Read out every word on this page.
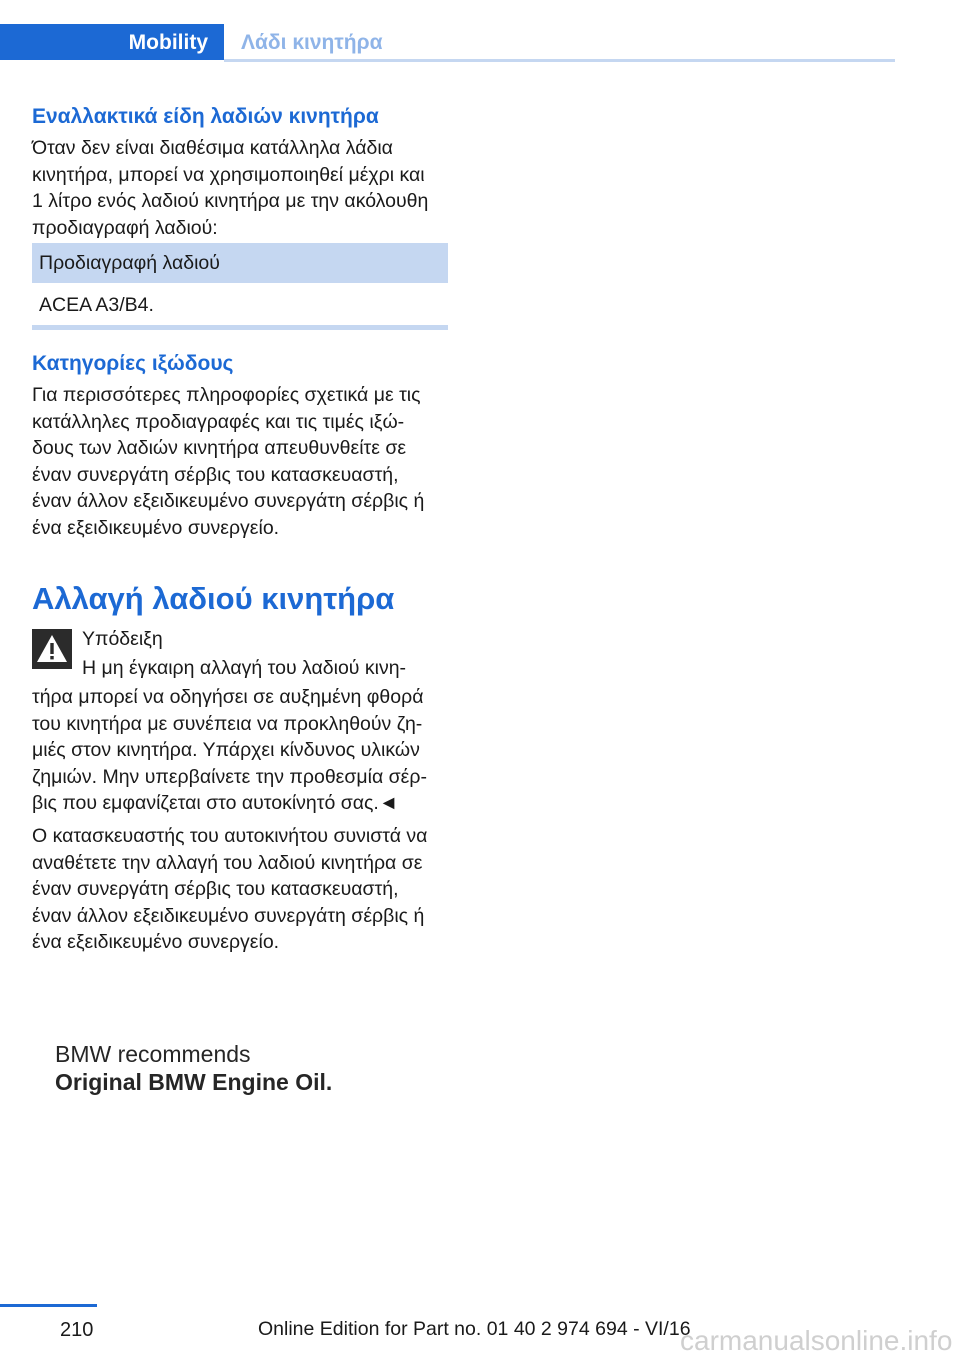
Mobility	Λάδι κινητήρα
Εναλλακτικά είδη λαδιών κινητήρα
Όταν δεν είναι διαθέσιμα κατάλληλα λάδια
κινητήρα, μπορεί να χρησιμοποιηθεί μέχρι και
1 λίτρο ενός λαδιού κινητήρα με την ακόλουθη
προδιαγραφή λαδιού:
Προδιαγραφή λαδιού
ACEA A3/B4.
Κατηγορίες ιξώδους
Για περισσότερες πληροφορίες σχετικά με τις
κατάλληλες προδιαγραφές και τις τιμές ιξώ-
δους των λαδιών κινητήρα απευθυνθείτε σε
έναν συνεργάτη σέρβις του κατασκευαστή,
έναν άλλον εξειδικευμένο συνεργάτη σέρβις ή
ένα εξειδικευμένο συνεργείο.
Αλλαγή λαδιού κινητήρα
Υπόδειξη
Η μη έγκαιρη αλλαγή του λαδιού κινη-
τήρα μπορεί να οδηγήσει σε αυξημένη φθορά
του κινητήρα με συνέπεια να προκληθούν ζη-
μιές στον κινητήρα. Υπάρχει κίνδυνος υλικών
ζημιών. Μην υπερβαίνετε την προθεσμία σέρ-
βις που εμφανίζεται στο αυτοκίνητό σας.◄
Ο κατασκευαστής του αυτοκινήτου συνιστά να
αναθέτετε την αλλαγή του λαδιού κινητήρα σε
έναν συνεργάτη σέρβις του κατασκευαστή,
έναν άλλον εξειδικευμένο συνεργάτη σέρβις ή
ένα εξειδικευμένο συνεργείο.
BMW recommends
Original BMW Engine Oil.
210	Online Edition for Part no. 01 40 2 974 694 - VI/16
carmanualsonline.info
